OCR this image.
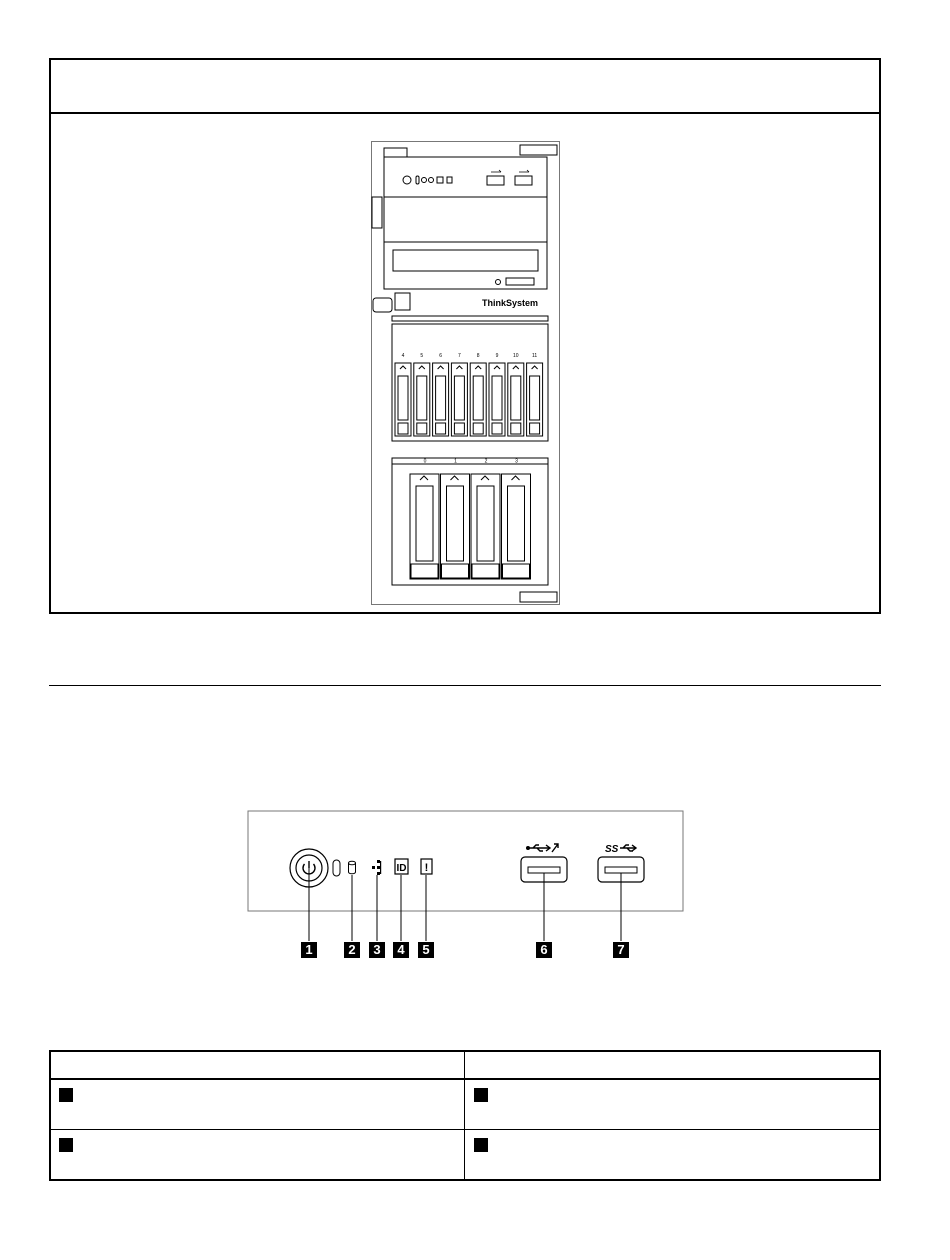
ThinkSystem
4	5	6	7	8	9	10	11
0	1	2	3
ID !
SS
1	2	3	4	5	6	7
